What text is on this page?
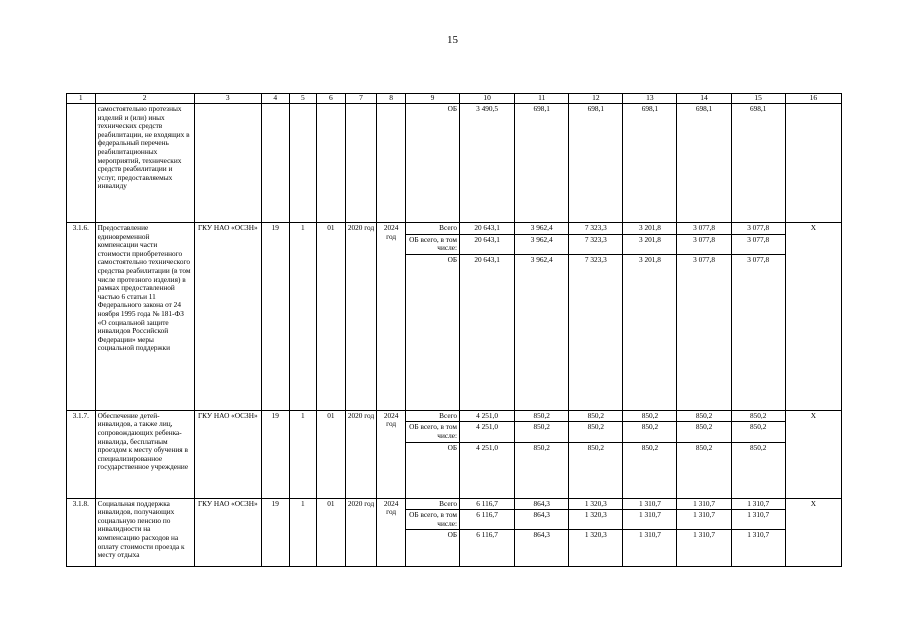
15
1	2	3	4	5	6	7	8	9	10	11	12	13	14	15	16
	самостоятельно протезных изделий и (или) иных технических средств реабилитации, не входящих в федеральный перечень реабилитационных мероприятий, технических средств реабилитации и услуг, предоставляемых инвалиду							ОБ	3 490,5	698,1	698,1	698,1	698,1	698,1	
3.1.6.	Предоставление единовременной компенсации части стоимости приобретенного самостоятельно технического средства реабилитации (в том числе протезного изделия) в рамках предоставленной частью 6 статьи 11 Федерального закона от 24 ноября 1995 года № 181-ФЗ «О социальной защите инвалидов Российской Федерации» меры социальной поддержки	ГКУ НАО «ОСЗН»	19	1	01	2020 год	2024 год	Всего	20 643,1	3 962,4	7 323,3	3 201,8	3 077,8	3 077,8	Х
								ОБ всего, в том числе:	20 643,1	3 962,4	7 323,3	3 201,8	3 077,8	3 077,8	
								ОБ	20 643,1	3 962,4	7 323,3	3 201,8	3 077,8	3 077,8	
3.1.7.	Обеспечение детей-инвалидов, а также лиц, сопровождающих ребенка-инвалида, бесплатным проездом к месту обучения в специализированное государственное учреждение	ГКУ НАО «ОСЗН»	19	1	01	2020 год	2024 год	Всего	4 251,0	850,2	850,2	850,2	850,2	850,2	Х
								ОБ всего, в том числе:	4 251,0	850,2	850,2	850,2	850,2	850,2	
								ОБ	4 251,0	850,2	850,2	850,2	850,2	850,2	
3.1.8.	Социальная поддержка инвалидов, получающих социальную пенсию по инвалидности на компенсацию расходов на оплату стоимости проезда к месту отдыха	ГКУ НАО «ОСЗН»	19	1	01	2020 год	2024 год	Всего	6 116,7	864,3	1 320,3	1 310,7	1 310,7	1 310,7	Х
								ОБ всего, в том числе:	6 116,7	864,3	1 320,3	1 310,7	1 310,7	1 310,7	
								ОБ	6 116,7	864,3	1 320,3	1 310,7	1 310,7	1 310,7	
